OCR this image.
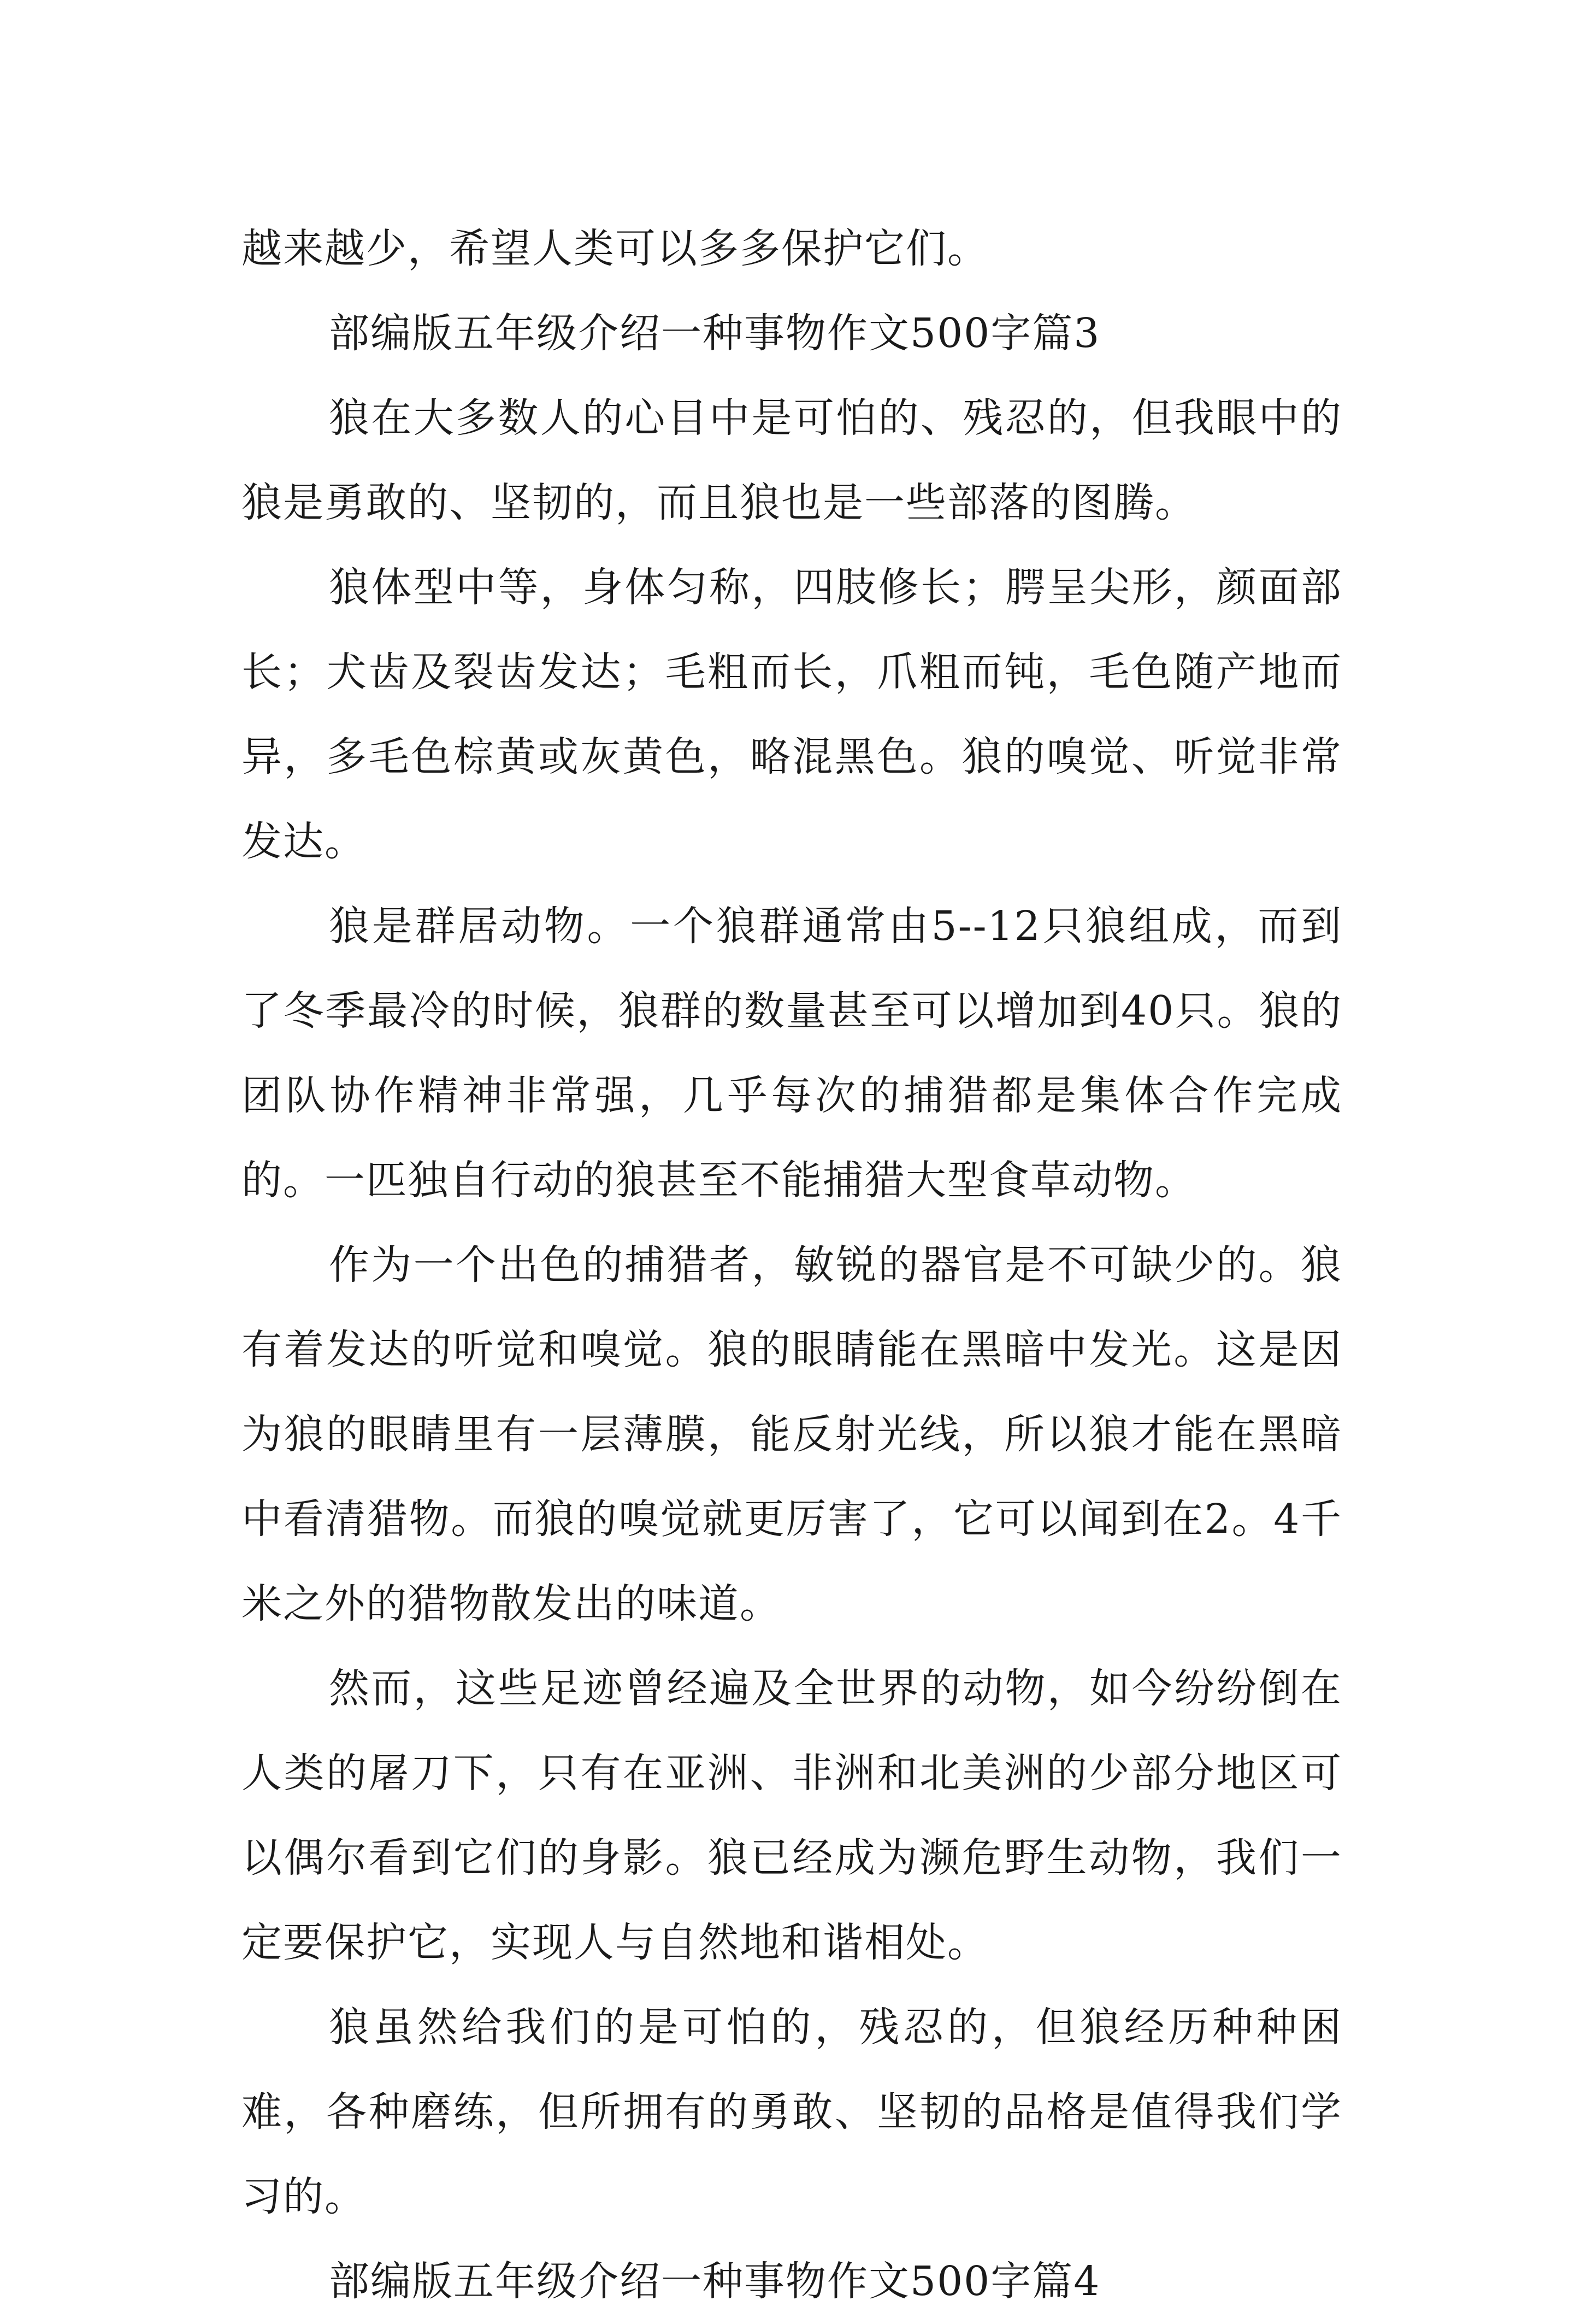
越来越少，希望人类可以多多保护它们。

部编版五年级介绍一种事物作文500字篇3

狼在大多数人的心目中是可怕的、残忍的，但我眼中的狼是勇敢的、坚韧的，而且狼也是一些部落的图腾。

狼体型中等，身体匀称，四肢修长；腭呈尖形，颜面部长；犬齿及裂齿发达；毛粗而长，爪粗而钝，毛色随产地而异，多毛色棕黄或灰黄色，略混黑色。狼的嗅觉、听觉非常发达。

狼是群居动物。一个狼群通常由5--12只狼组成，而到了冬季最冷的时候，狼群的数量甚至可以增加到40只。狼的团队协作精神非常强，几乎每次的捕猎都是集体合作完成的。一匹独自行动的狼甚至不能捕猎大型食草动物。

作为一个出色的捕猎者，敏锐的器官是不可缺少的。狼有着发达的听觉和嗅觉。狼的眼睛能在黑暗中发光。这是因为狼的眼睛里有一层薄膜，能反射光线，所以狼才能在黑暗中看清猎物。而狼的嗅觉就更厉害了，它可以闻到在2。4千米之外的猎物散发出的味道。

然而，这些足迹曾经遍及全世界的动物，如今纷纷倒在人类的屠刀下，只有在亚洲、非洲和北美洲的少部分地区可以偶尔看到它们的身影。狼已经成为濒危野生动物，我们一定要保护它，实现人与自然地和谐相处。

狼虽然给我们的是可怕的，残忍的，但狼经历种种困难，各种磨练，但所拥有的勇敢、坚韧的品格是值得我们学习的。

部编版五年级介绍一种事物作文500字篇4
